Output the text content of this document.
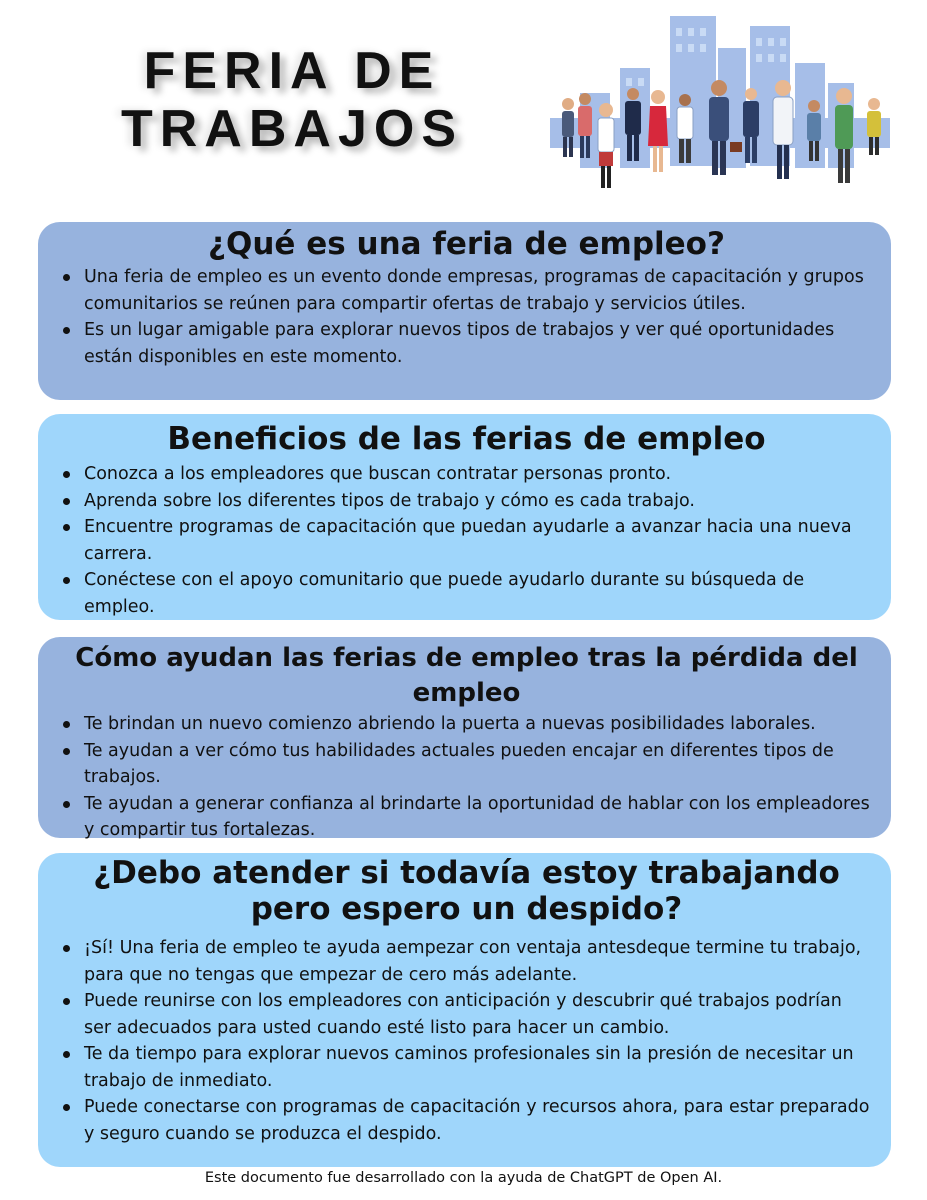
FERIA DE
TRABAJOS
¿Qué es una feria de empleo?
Una feria de empleo es un evento donde empresas, programas de capacitación y grupos comunitarios se reúnen para compartir ofertas de trabajo y servicios útiles.
Es un lugar amigable para explorar nuevos tipos de trabajos y ver qué oportunidades están disponibles en este momento.
Beneficios de las ferias de empleo
Conozca a los empleadores que buscan contratar personas pronto.
Aprenda sobre los diferentes tipos de trabajo y cómo es cada trabajo.
Encuentre programas de capacitación que puedan ayudarle a avanzar hacia una nueva carrera.
Conéctese con el apoyo comunitario que puede ayudarlo durante su búsqueda de empleo.
Cómo ayudan las ferias de empleo tras la pérdida del empleo
Te brindan un nuevo comienzo abriendo la puerta a nuevas posibilidades laborales.
Te ayudan a ver cómo tus habilidades actuales pueden encajar en diferentes tipos de trabajos.
Te ayudan a generar confianza al brindarte la oportunidad de hablar con los empleadores y compartir tus fortalezas.
¿Debo atender si todavía estoy trabajando pero espero un despido?
¡Sí! Una feria de empleo te ayuda aempezar con ventaja antesdeque termine tu trabajo, para que no tengas que empezar de cero más adelante.
Puede reunirse con los empleadores con anticipación y descubrir qué trabajos podrían ser adecuados para usted cuando esté listo para hacer un cambio.
Te da tiempo para explorar nuevos caminos profesionales sin la presión de necesitar un trabajo de inmediato.
Puede conectarse con programas de capacitación y recursos ahora, para estar preparado y seguro cuando se produzca el despido.
Este documento fue desarrollado con la ayuda de ChatGPT de Open AI.
